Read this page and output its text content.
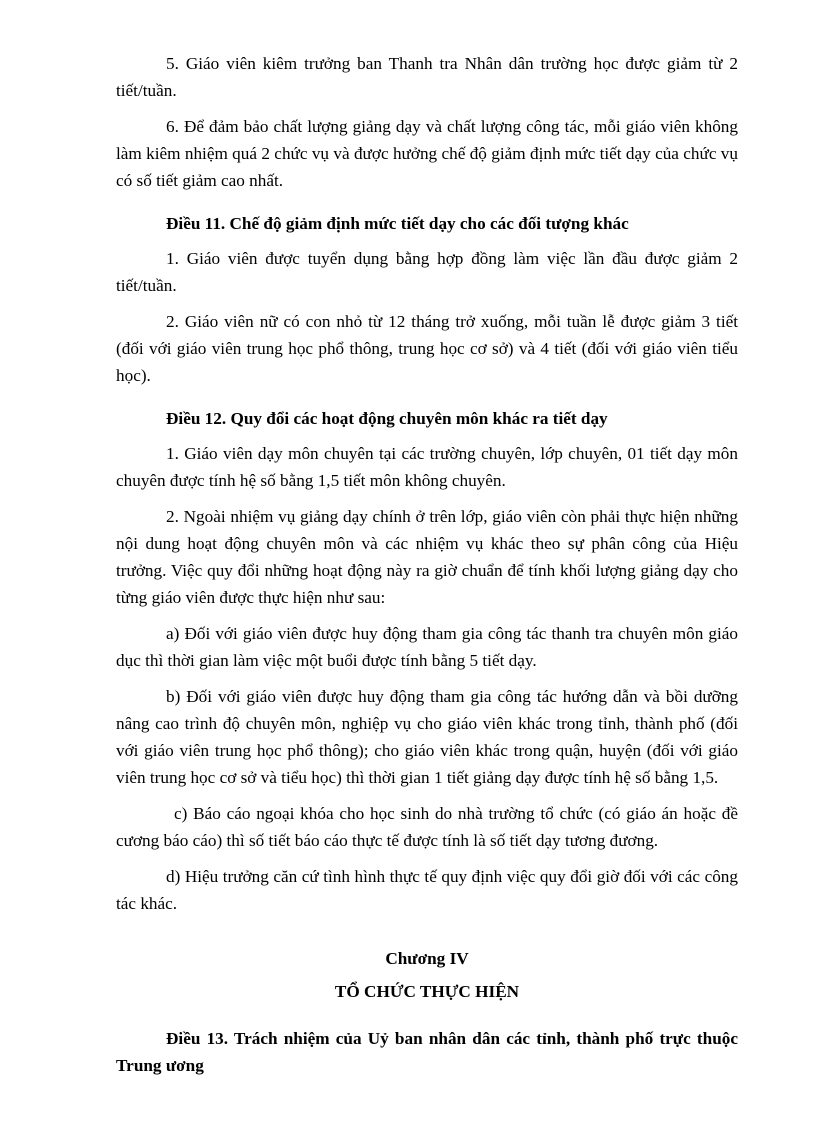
5. Giáo viên kiêm trưởng ban Thanh tra Nhân dân trường học được giảm từ 2 tiết/tuần.

6. Để đảm bảo chất lượng giảng dạy và chất lượng công tác, mỗi giáo viên không làm kiêm nhiệm quá 2 chức vụ và được hưởng chế độ giảm định mức tiết dạy của chức vụ có số tiết giảm cao nhất.

Điều 11. Chế độ giảm định mức tiết dạy cho các đối tượng khác

1. Giáo viên được tuyển dụng bằng hợp đồng làm việc lần đầu được giảm 2 tiết/tuần.

2. Giáo viên nữ có con nhỏ từ 12 tháng trở xuống, mỗi tuần lễ được giảm 3 tiết (đối với giáo viên trung học phổ thông, trung học cơ sở) và 4 tiết (đối với giáo viên tiểu học).

Điều 12. Quy đổi các hoạt động chuyên môn khác ra tiết dạy

1. Giáo viên dạy môn chuyên tại các trường chuyên, lớp chuyên, 01 tiết dạy môn chuyên được tính hệ số bằng 1,5 tiết môn không chuyên.

2. Ngoài nhiệm vụ giảng dạy chính ở trên lớp, giáo viên còn phải thực hiện những nội dung hoạt động chuyên môn và các nhiệm vụ khác theo sự phân công của Hiệu trưởng. Việc quy đổi những hoạt động này ra giờ chuẩn để tính khối lượng giảng dạy cho từng giáo viên được thực hiện như sau:

a) Đối với giáo viên được huy động tham gia công tác thanh tra chuyên môn giáo dục thì thời gian làm việc một buổi được tính bằng 5 tiết dạy.

b) Đối với giáo viên được huy động tham gia công tác hướng dẫn và bồi dưỡng nâng cao trình độ chuyên môn, nghiệp vụ cho giáo viên khác trong tỉnh, thành phố (đối với giáo viên trung học phổ thông); cho giáo viên khác trong quận, huyện (đối với giáo viên trung học cơ sở và tiểu học) thì thời gian 1 tiết giảng dạy được tính hệ số bằng 1,5.

c) Báo cáo ngoại khóa cho học sinh do nhà trường tổ chức (có giáo án hoặc đề cương báo cáo) thì số tiết báo cáo thực tế được tính là số tiết dạy tương đương.

d) Hiệu trưởng căn cứ tình hình thực tế quy định việc quy đổi giờ đối với các công tác khác.

Chương IV
TỔ CHỨC THỰC HIỆN
Điều 13. Trách nhiệm của Uỷ ban nhân dân các tỉnh, thành phố trực thuộc Trung ương
